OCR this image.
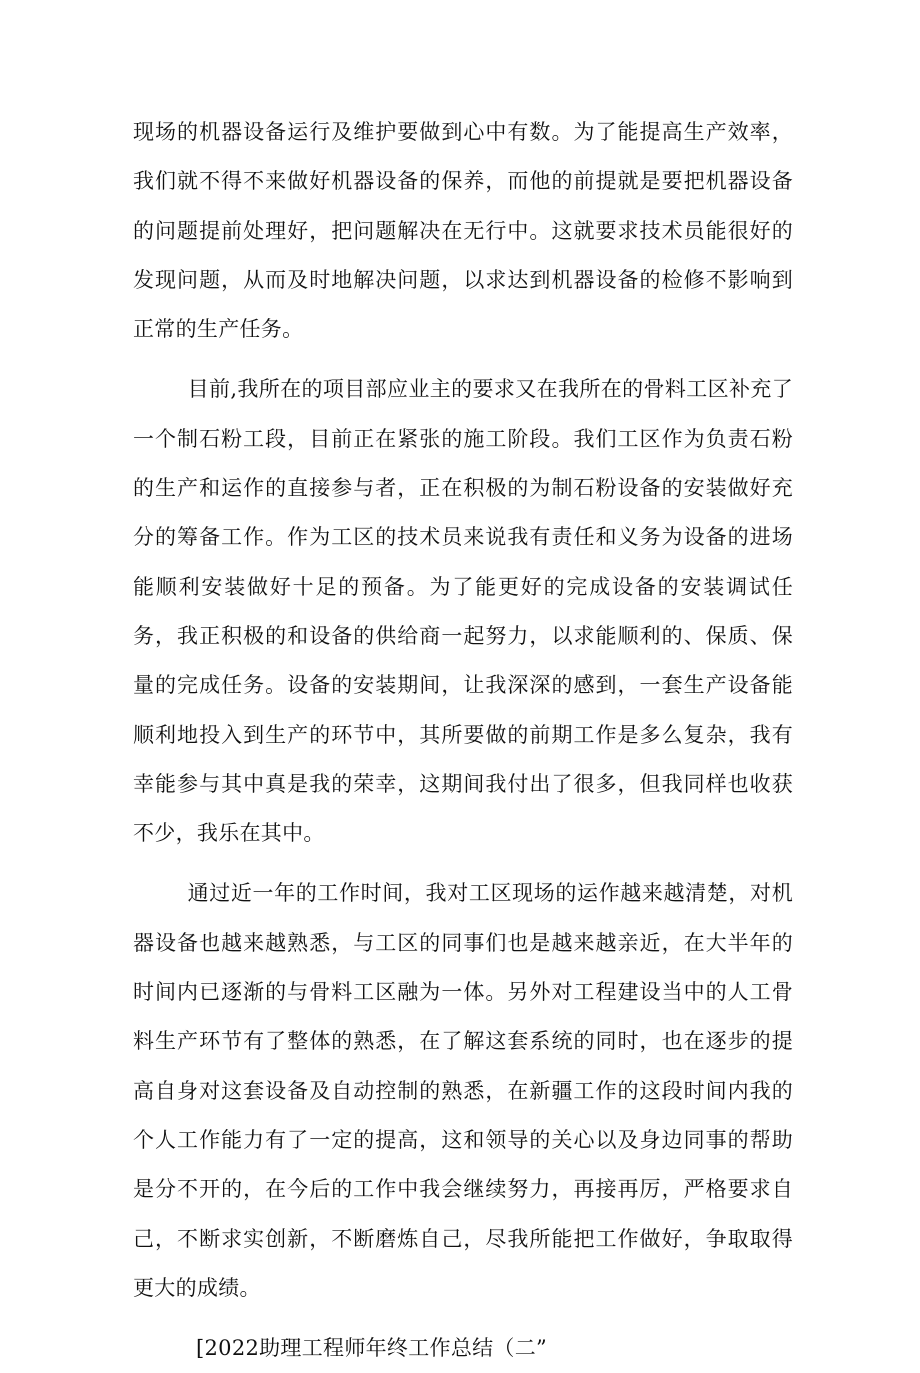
现场的机器设备运行及维护要做到心中有数。为了能提高生产效率，我们就不得不来做好机器设备的保养，而他的前提就是要把机器设备的问题提前处理好，把问题解决在无行中。这就要求技术员能很好的发现问题，从而及时地解决问题，以求达到机器设备的检修不影响到正常的生产任务。

目前,我所在的项目部应业主的要求又在我所在的骨料工区补充了一个制石粉工段，目前正在紧张的施工阶段。我们工区作为负责石粉的生产和运作的直接参与者，正在积极的为制石粉设备的安装做好充分的筹备工作。作为工区的技术员来说我有责任和义务为设备的进场能顺利安装做好十足的预备。为了能更好的完成设备的安装调试任务，我正积极的和设备的供给商一起努力，以求能顺利的、保质、保量的完成任务。设备的安装期间，让我深深的感到，一套生产设备能顺利地投入到生产的环节中，其所要做的前期工作是多么复杂，我有幸能参与其中真是我的荣幸，这期间我付出了很多，但我同样也收获不少，我乐在其中。

通过近一年的工作时间，我对工区现场的运作越来越清楚，对机器设备也越来越熟悉，与工区的同事们也是越来越亲近，在大半年的时间内已逐渐的与骨料工区融为一体。另外对工程建设当中的人工骨料生产环节有了整体的熟悉，在了解这套系统的同时，也在逐步的提高自身对这套设备及自动控制的熟悉，在新疆工作的这段时间内我的个人工作能力有了一定的提高，这和领导的关心以及身边同事的帮助是分不开的，在今后的工作中我会继续努力，再接再厉，严格要求自己，不断求实创新，不断磨炼自己，尽我所能把工作做好，争取取得更大的成绩。

[2022助理工程师年终工作总结（二”
